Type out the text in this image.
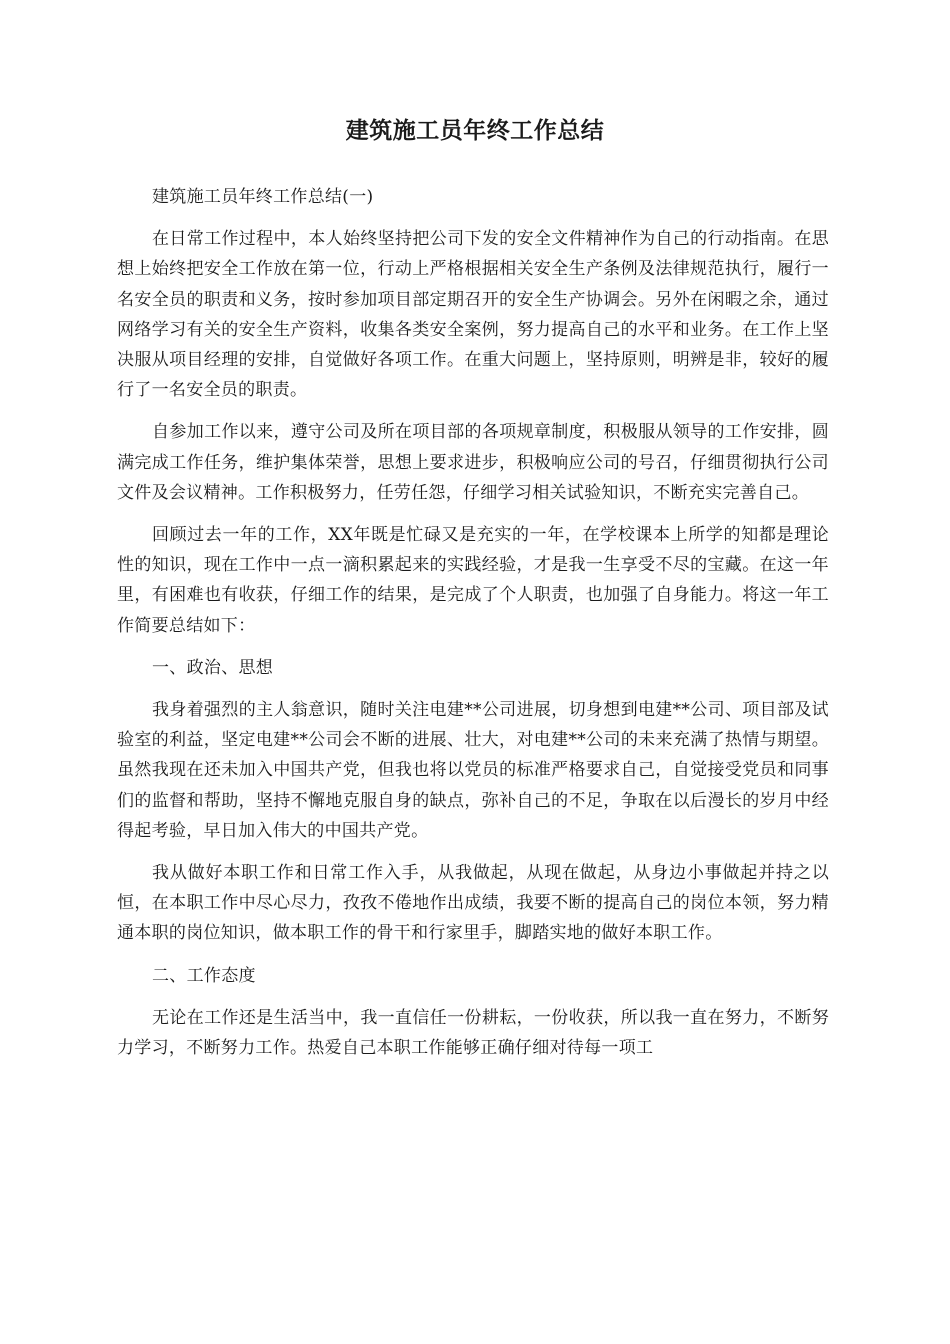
建筑施工员年终工作总结

建筑施工员年终工作总结(一)

在日常工作过程中，本人始终坚持把公司下发的安全文件精神作为自己的行动指南。在思想上始终把安全工作放在第一位，行动上严格根据相关安全生产条例及法律规范执行，履行一名安全员的职责和义务，按时参加项目部定期召开的安全生产协调会。另外在闲暇之余，通过网络学习有关的安全生产资料，收集各类安全案例，努力提高自己的水平和业务。在工作上坚决服从项目经理的安排，自觉做好各项工作。在重大问题上，坚持原则，明辨是非，较好的履行了一名安全员的职责。

自参加工作以来，遵守公司及所在项目部的各项规章制度，积极服从领导的工作安排，圆满完成工作任务，维护集体荣誉，思想上要求进步，积极响应公司的号召，仔细贯彻执行公司文件及会议精神。工作积极努力，任劳任怨，仔细学习相关试验知识，不断充实完善自己。

回顾过去一年的工作，XX年既是忙碌又是充实的一年，在学校课本上所学的知都是理论性的知识，现在工作中一点一滴积累起来的实践经验，才是我一生享受不尽的宝藏。在这一年里，有困难也有收获，仔细工作的结果，是完成了个人职责，也加强了自身能力。将这一年工作简要总结如下：

一、政治、思想

我身着强烈的主人翁意识，随时关注电建**公司进展，切身想到电建**公司、项目部及试验室的利益，坚定电建**公司会不断的进展、壮大，对电建**公司的未来充满了热情与期望。虽然我现在还未加入中国共产党，但我也将以党员的标准严格要求自己，自觉接受党员和同事们的监督和帮助，坚持不懈地克服自身的缺点，弥补自己的不足，争取在以后漫长的岁月中经得起考验，早日加入伟大的中国共产党。

我从做好本职工作和日常工作入手，从我做起，从现在做起，从身边小事做起并持之以恒，在本职工作中尽心尽力，孜孜不倦地作出成绩，我要不断的提高自己的岗位本领，努力精通本职的岗位知识，做本职工作的骨干和行家里手，脚踏实地的做好本职工作。

二、工作态度

无论在工作还是生活当中，我一直信任一份耕耘，一份收获，所以我一直在努力，不断努力学习，不断努力工作。热爱自己本职工作能够正确仔细对待每一项工
